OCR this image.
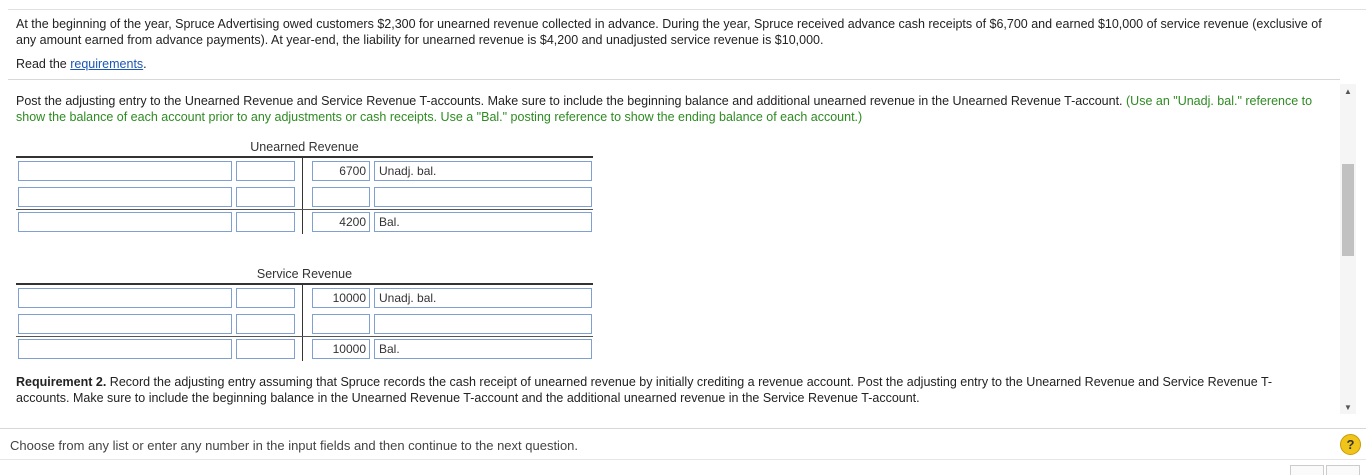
At the beginning of the year, Spruce Advertising owed customers $2,300 for unearned revenue collected in advance. During the year, Spruce received advance cash receipts of $6,700 and earned $10,000 of service revenue (exclusive of any amount earned from advance payments). At year-end, the liability for unearned revenue is $4,200 and unadjusted service revenue is $10,000.
Read the requirements.
Post the adjusting entry to the Unearned Revenue and Service Revenue T-accounts. Make sure to include the beginning balance and additional unearned revenue in the Unearned Revenue T-account. (Use an "Unadj. bal." reference to show the balance of each account prior to any adjustments or cash receipts. Use a "Bal." posting reference to show the ending balance of each account.)
Unearned Revenue
6700
Unadj. bal.
4200
Bal.
Service Revenue
10000
Unadj. bal.
10000
Bal.
Requirement 2. Record the adjusting entry assuming that Spruce records the cash receipt of unearned revenue by initially crediting a revenue account. Post the adjusting entry to the Unearned Revenue and Service Revenue T-accounts. Make sure to include the beginning balance in the Unearned Revenue T-account and the additional unearned revenue in the Service Revenue T-account.
▲
▼
Choose from any list or enter any number in the input fields and then continue to the next question.	?
